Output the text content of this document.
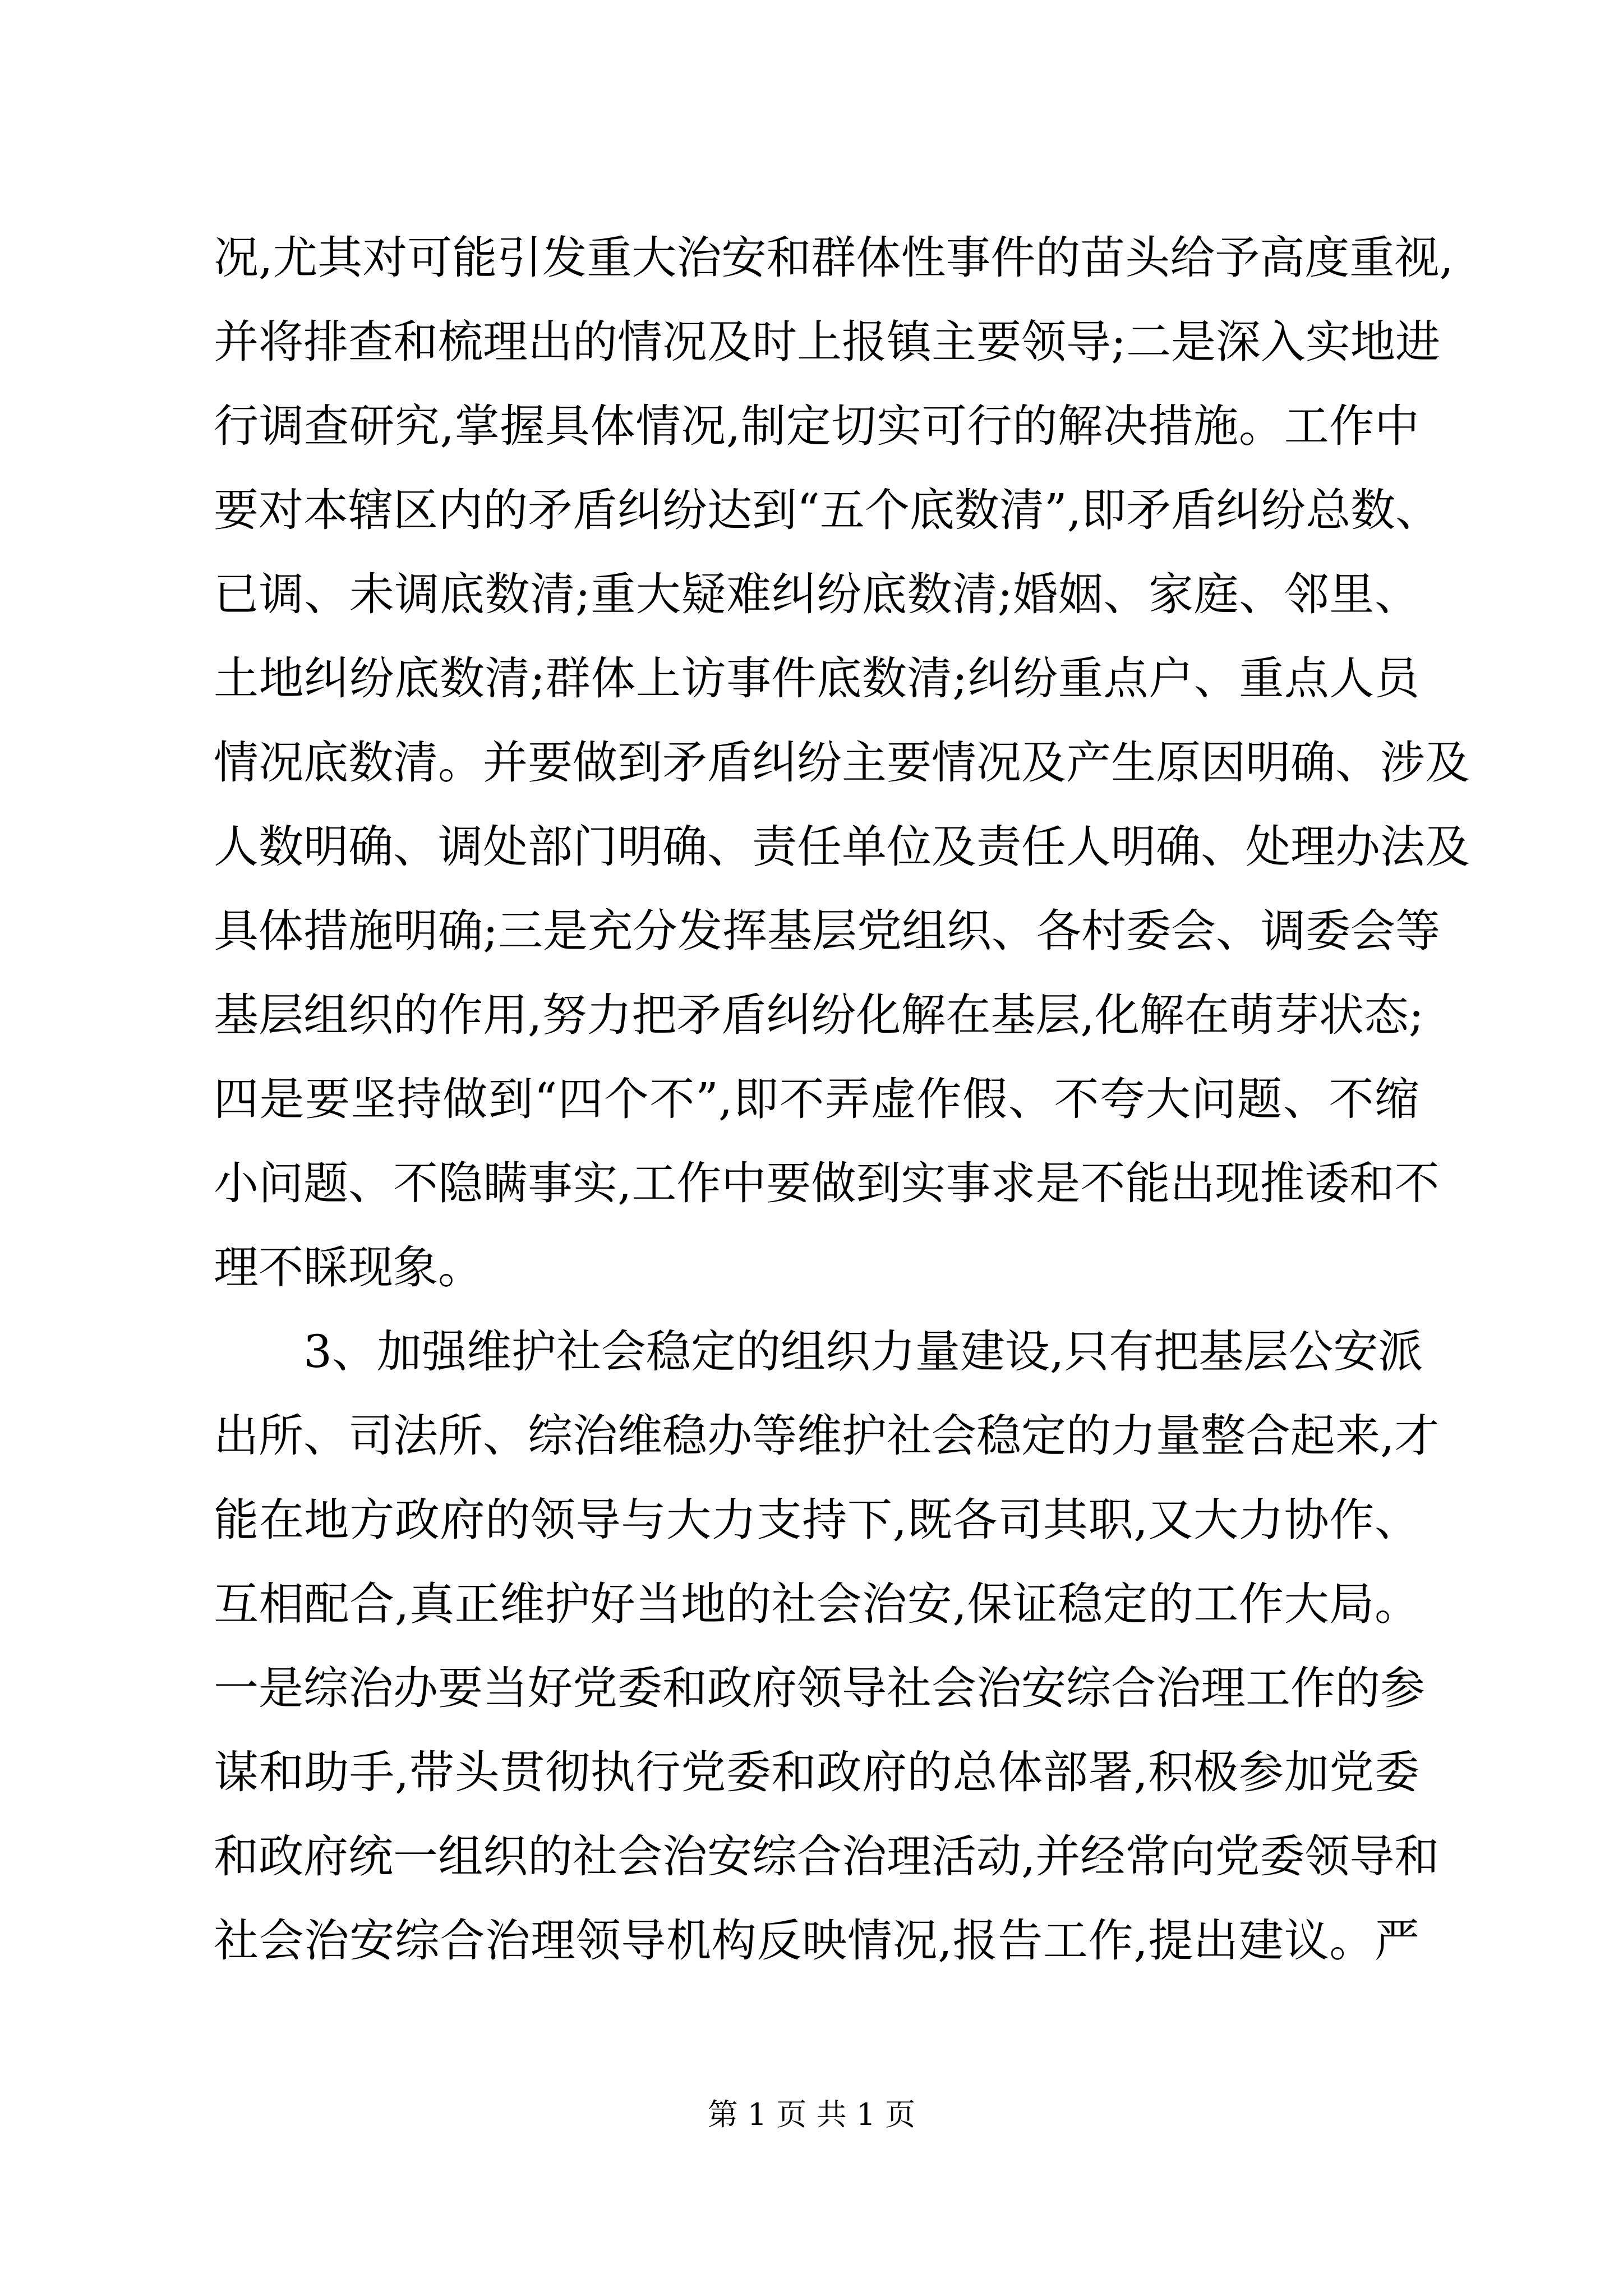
况,尤其对可能引发重大治安和群体性事件的苗头给予高度重视,
并将排查和梳理出的情况及时上报镇主要领导;二是深入实地进
行调查研究,掌握具体情况,制定切实可行的解决措施。工作中
要对本辖区内的矛盾纠纷达到“五个底数清”,即矛盾纠纷总数、
已调、未调底数清;重大疑难纠纷底数清;婚姻、家庭、邻里、
土地纠纷底数清;群体上访事件底数清;纠纷重点户、重点人员
情况底数清。并要做到矛盾纠纷主要情况及产生原因明确、涉及
人数明确、调处部门明确、责任单位及责任人明确、处理办法及
具体措施明确;三是充分发挥基层党组织、各村委会、调委会等
基层组织的作用,努力把矛盾纠纷化解在基层,化解在萌芽状态;
四是要坚持做到“四个不”,即不弄虚作假、不夸大问题、不缩
小问题、不隐瞒事实,工作中要做到实事求是不能出现推诿和不
理不睬现象。
3、加强维护社会稳定的组织力量建设,只有把基层公安派
出所、司法所、综治维稳办等维护社会稳定的力量整合起来,才
能在地方政府的领导与大力支持下,既各司其职,又大力协作、
互相配合,真正维护好当地的社会治安,保证稳定的工作大局。
一是综治办要当好党委和政府领导社会治安综合治理工作的参
谋和助手,带头贯彻执行党委和政府的总体部署,积极参加党委
和政府统一组织的社会治安综合治理活动,并经常向党委领导和
社会治安综合治理领导机构反映情况,报告工作,提出建议。严
第 1 页 共 1 页
